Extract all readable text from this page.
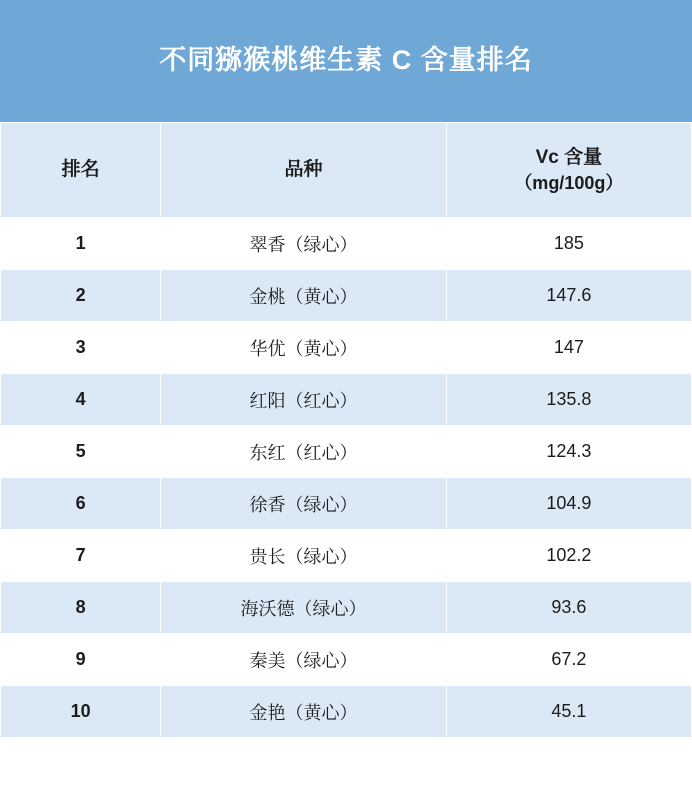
不同猕猴桃维生素 C 含量排名
排名	品种	Vc 含量
（mg/100g）

1	翠香（绿心）	185
2	金桃（黄心）	147.6
3	华优（黄心）	147
4	红阳（红心）	135.8
5	东红（红心）	124.3
6	徐香（绿心）	104.9
7	贵长（绿心）	102.2
8	海沃德（绿心）	93.6
9	秦美（绿心）	67.2
10	金艳（黄心）	45.1
